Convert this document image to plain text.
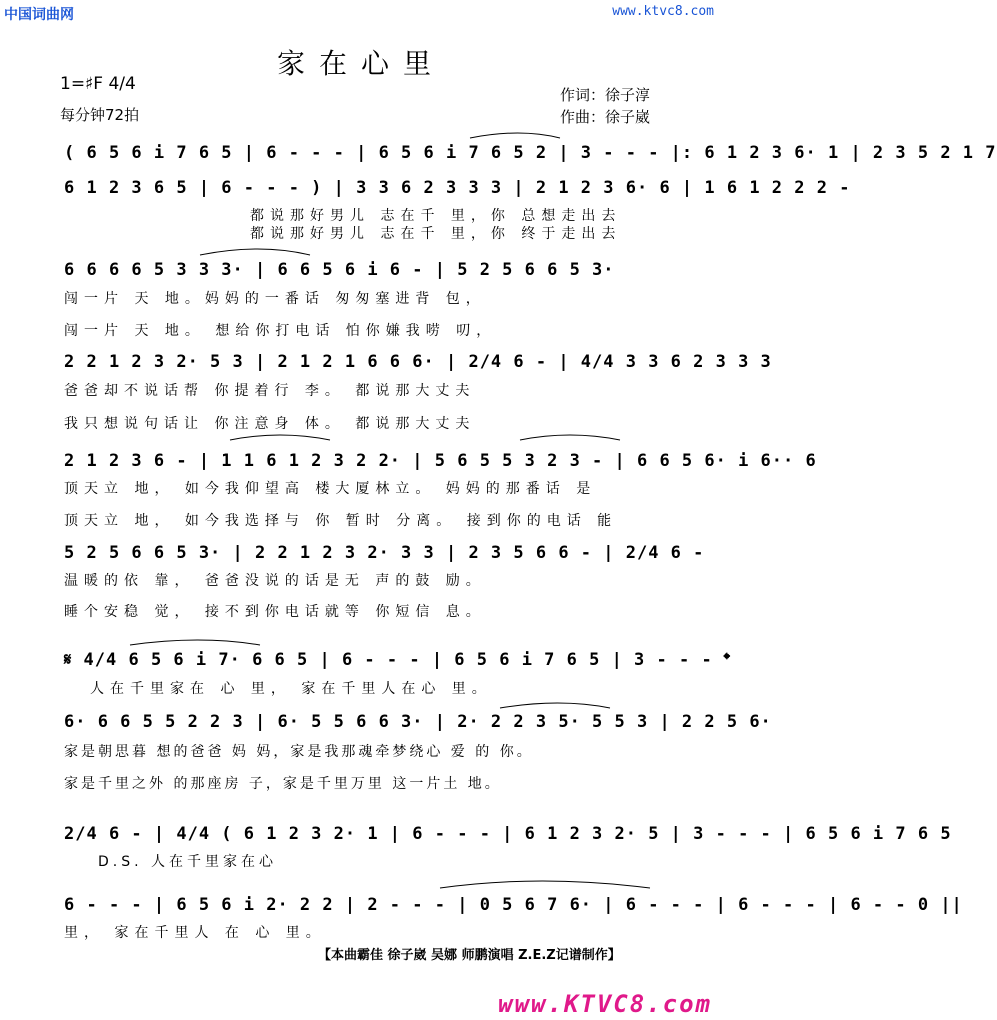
中国词曲网	www.ktvc8.com
家在心里
1=♯F 4/4
每分钟72拍
作词：徐子淳
作曲：徐子崴
( 6 5 6 i 7 6 5 | 6 - - - | 6 5 6 i 7 6 5 2 | 3 - - - |: 6 1 2 3 6· 1 | 2 3 5 2 1 7
6 1 2 3 6 5 | 6 - - - ) | 3 3 6 2 3 3 3 | 2 1 2 3 6· 6 | 1 6 1 2 2 2 -
都说那好男儿 志在千 里，你 总想走出去
都说那好男儿 志在千 里，你 终于走出去
6 6 6 6 5 3 3 3· | 6 6 5 6 i 6 - | 5 2 5 6 6 5 3·
闯一片 天 地。妈妈的一番话 匆匆塞进背 包，
闯一片 天 地。 想给你打电话 怕你嫌我唠 叨，
2 2 1 2 3 2· 5 3 | 2 1 2 1 6 6 6· | 2/4 6 - | 4/4 3 3 6 2 3 3 3
爸爸却不说话帮 你提着行 李。 都说那大丈夫
我只想说句话让 你注意身 体。 都说那大丈夫
2 1 2 3 6 - | 1 1 6 1 2 3 2 2· | 5 6 5 5 3 2 3 - | 6 6 5 6· i 6·· 6
顶天立 地， 如今我仰望高 楼大厦林立。 妈妈的那番话 是
顶天立 地， 如今我选择与 你 暂时 分离。 接到你的电话 能
5 2 5 6 6 5 3· | 2 2 1 2 3 2· 3 3 | 2 3 5 6 6 - | 2/4 6 -
温暖的依 靠， 爸爸没说的话是无 声的鼓 励。
睡个安稳 觉， 接不到你电话就等 你短信 息。
𝄋 4/4 6 5 6 i 7· 6 6 5 | 6 - - - | 6 5 6 i 7 6 5 | 3 - - - 𝄌
人在千里家在 心 里， 家在千里人在心 里。
6· 6 6 5 5 2 2 3 | 6· 5 5 6 6 3· | 2· 2 2 3 5· 5 5 3 | 2 2 5 6·
家是朝思暮 想的爸爸 妈 妈，家是我那魂牵梦绕心 爱 的 你。
家是千里之外 的那座房 子，家是千里万里 这一片土 地。
2/4 6 - | 4/4 ( 6 1 2 3 2· 1 | 6 - - - | 6 1 2 3 2· 5 | 3 - - - | 6 5 6 i 7 6 5
D.S. 人在千里家在心
6 - - - | 6 5 6 i 2· 2 2 | 2 - - - | 0 5 6 7 6· | 6 - - - | 6 - - - | 6 - - 0 ||
里， 家在千里人 在 心 里。
【本曲霸佳 徐子崴 吴娜 师鹏演唱 Z.E.Z记谱制作】
www.KTVC8.com
